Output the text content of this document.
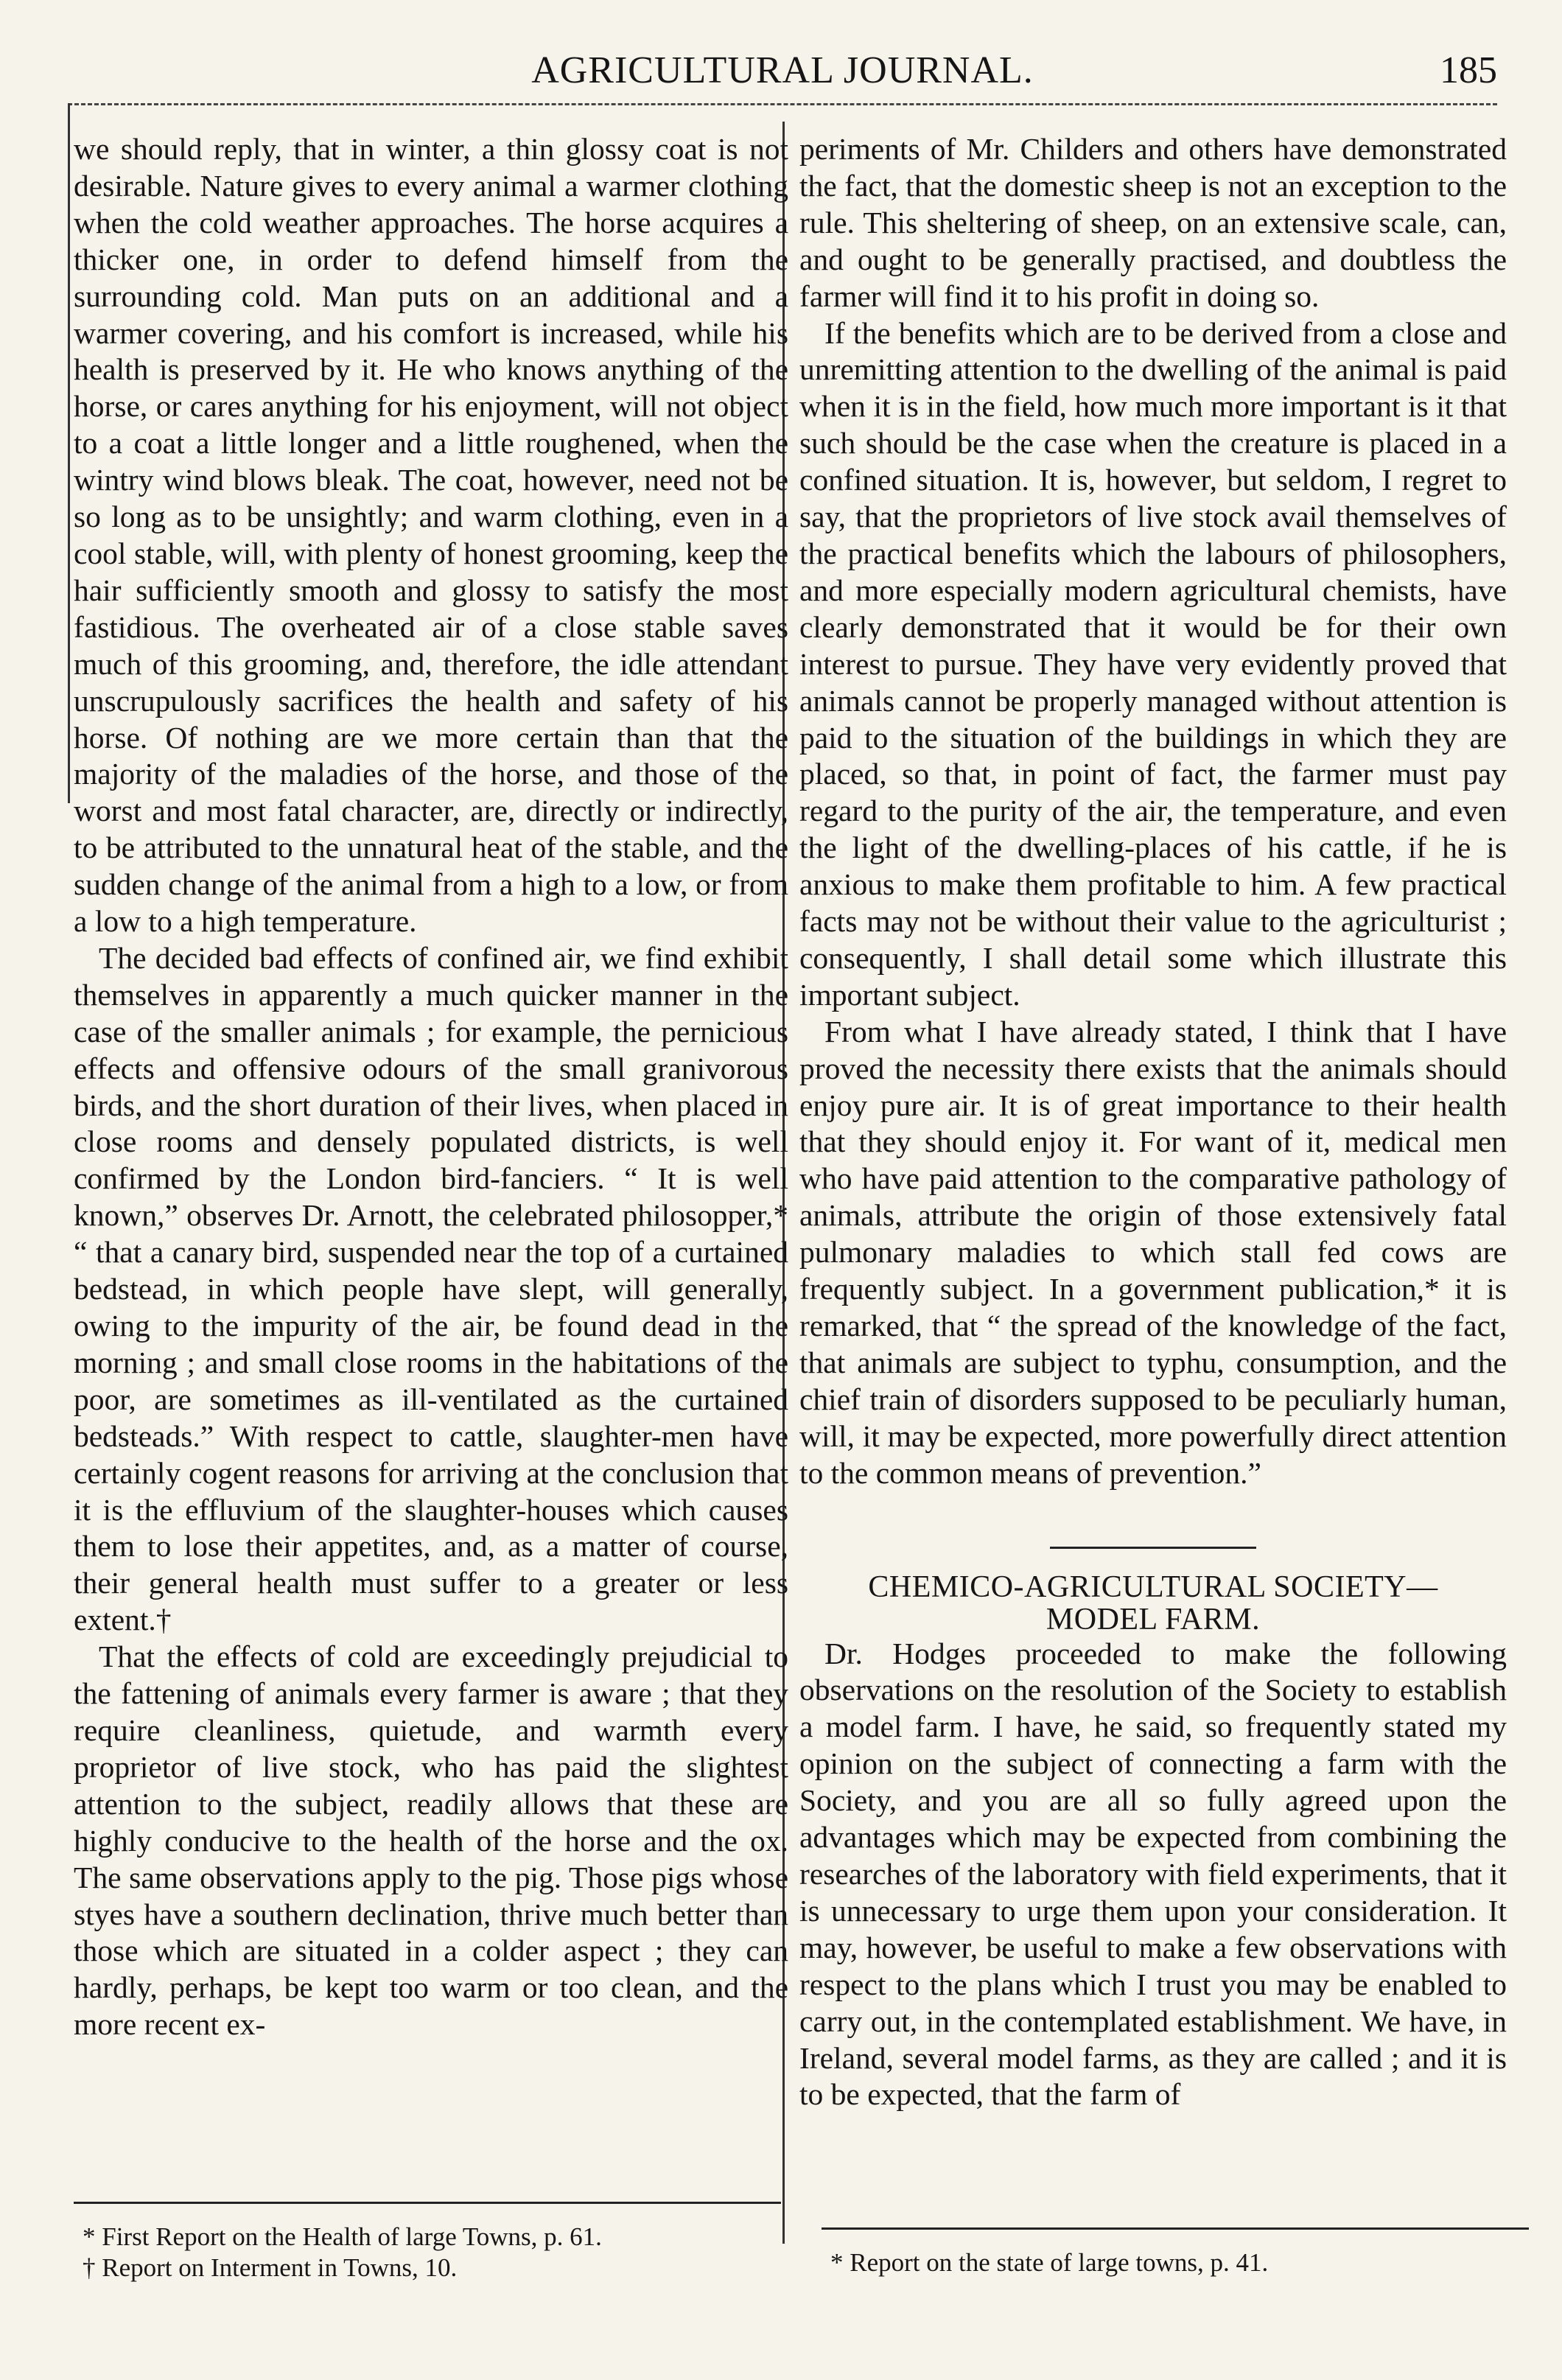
AGRICULTURAL JOURNAL.	185

we should reply, that in winter, a thin glossy coat is not desirable. Nature gives to every animal a warmer clothing when the cold weather approaches. The horse acquires a thicker one, in order to defend himself from the surrounding cold. Man puts on an additional and a warmer covering, and his comfort is increased, while his health is preserved by it. He who knows anything of the horse, or cares anything for his enjoyment, will not object to a coat a little longer and a little roughened, when the wintry wind blows bleak. The coat, however, need not be so long as to be unsightly; and warm clothing, even in a cool stable, will, with plenty of honest grooming, keep the hair sufficiently smooth and glossy to satisfy the most fastidious. The overheated air of a close stable saves much of this grooming, and, therefore, the idle attendant unscrupulously sacrifices the health and safety of his horse. Of nothing are we more certain than that the majority of the maladies of the horse, and those of the worst and most fatal character, are, directly or indirectly, to be attributed to the unnatural heat of the stable, and the sudden change of the animal from a high to a low, or from a low to a high temperature.

The decided bad effects of confined air, we find exhibit themselves in apparently a much quicker manner in the case of the smaller animals ; for example, the pernicious effects and offensive odours of the small granivorous birds, and the short duration of their lives, when placed in close rooms and densely populated districts, is well confirmed by the London bird-fanciers. “ It is well known,” observes Dr. Arnott, the celebrated philosopper,* “ that a canary bird, suspended near the top of a curtained bedstead, in which people have slept, will generally, owing to the impurity of the air, be found dead in the morning ; and small close rooms in the habitations of the poor, are sometimes as ill-ventilated as the curtained bedsteads.” With respect to cattle, slaughter-men have certainly cogent reasons for arriving at the conclusion that it is the effluvium of the slaughter-houses which causes them to lose their appetites, and, as a matter of course, their general health must suffer to a greater or less extent.†

That the effects of cold are exceedingly prejudicial to the fattening of animals every farmer is aware ; that they require cleanliness, quietude, and warmth every proprietor of live stock, who has paid the slightest attention to the subject, readily allows that these are highly conducive to the health of the horse and the ox. The same observations apply to the pig. Those pigs whose styes have a southern declination, thrive much better than those which are situated in a colder aspect ; they can hardly, perhaps, be kept too warm or too clean, and the more recent ex-

periments of Mr. Childers and others have demonstrated the fact, that the domestic sheep is not an exception to the rule. This sheltering of sheep, on an extensive scale, can, and ought to be generally practised, and doubtless the farmer will find it to his profit in doing so.

If the benefits which are to be derived from a close and unremitting attention to the dwelling of the animal is paid when it is in the field, how much more important is it that such should be the case when the creature is placed in a confined situation. It is, however, but seldom, I regret to say, that the proprietors of live stock avail themselves of the practical benefits which the labours of philosophers, and more especially modern agricultural chemists, have clearly demonstrated that it would be for their own interest to pursue. They have very evidently proved that animals cannot be properly managed without attention is paid to the situation of the buildings in which they are placed, so that, in point of fact, the farmer must pay regard to the purity of the air, the temperature, and even the light of the dwelling-places of his cattle, if he is anxious to make them profitable to him. A few practical facts may not be without their value to the agriculturist ; consequently, I shall detail some which illustrate this important subject.

From what I have already stated, I think that I have proved the necessity there exists that the animals should enjoy pure air. It is of great importance to their health that they should enjoy it. For want of it, medical men who have paid attention to the comparative pathology of animals, attribute the origin of those extensively fatal pulmonary maladies to which stall fed cows are frequently subject. In a government publication,* it is remarked, that “ the spread of the knowledge of the fact, that animals are subject to typhu, consumption, and the chief train of disorders supposed to be peculiarly human, will, it may be expected, more powerfully direct attention to the common means of prevention.”

CHEMICO-AGRICULTURAL SOCIETY—
MODEL FARM.

Dr. Hodges proceeded to make the following observations on the resolution of the Society to establish a model farm. I have, he said, so frequently stated my opinion on the subject of connecting a farm with the Society, and you are all so fully agreed upon the advantages which may be expected from combining the researches of the laboratory with field experiments, that it is unnecessary to urge them upon your consideration. It may, however, be useful to make a few observations with respect to the plans which I trust you may be enabled to carry out, in the contemplated establishment. We have, in Ireland, several model farms, as they are called ; and it is to be expected, that the farm of

* First Report on the Health of large Towns, p. 61.

† Report on Interment in Towns, 10.	* Report on the state of large towns, p. 41.
